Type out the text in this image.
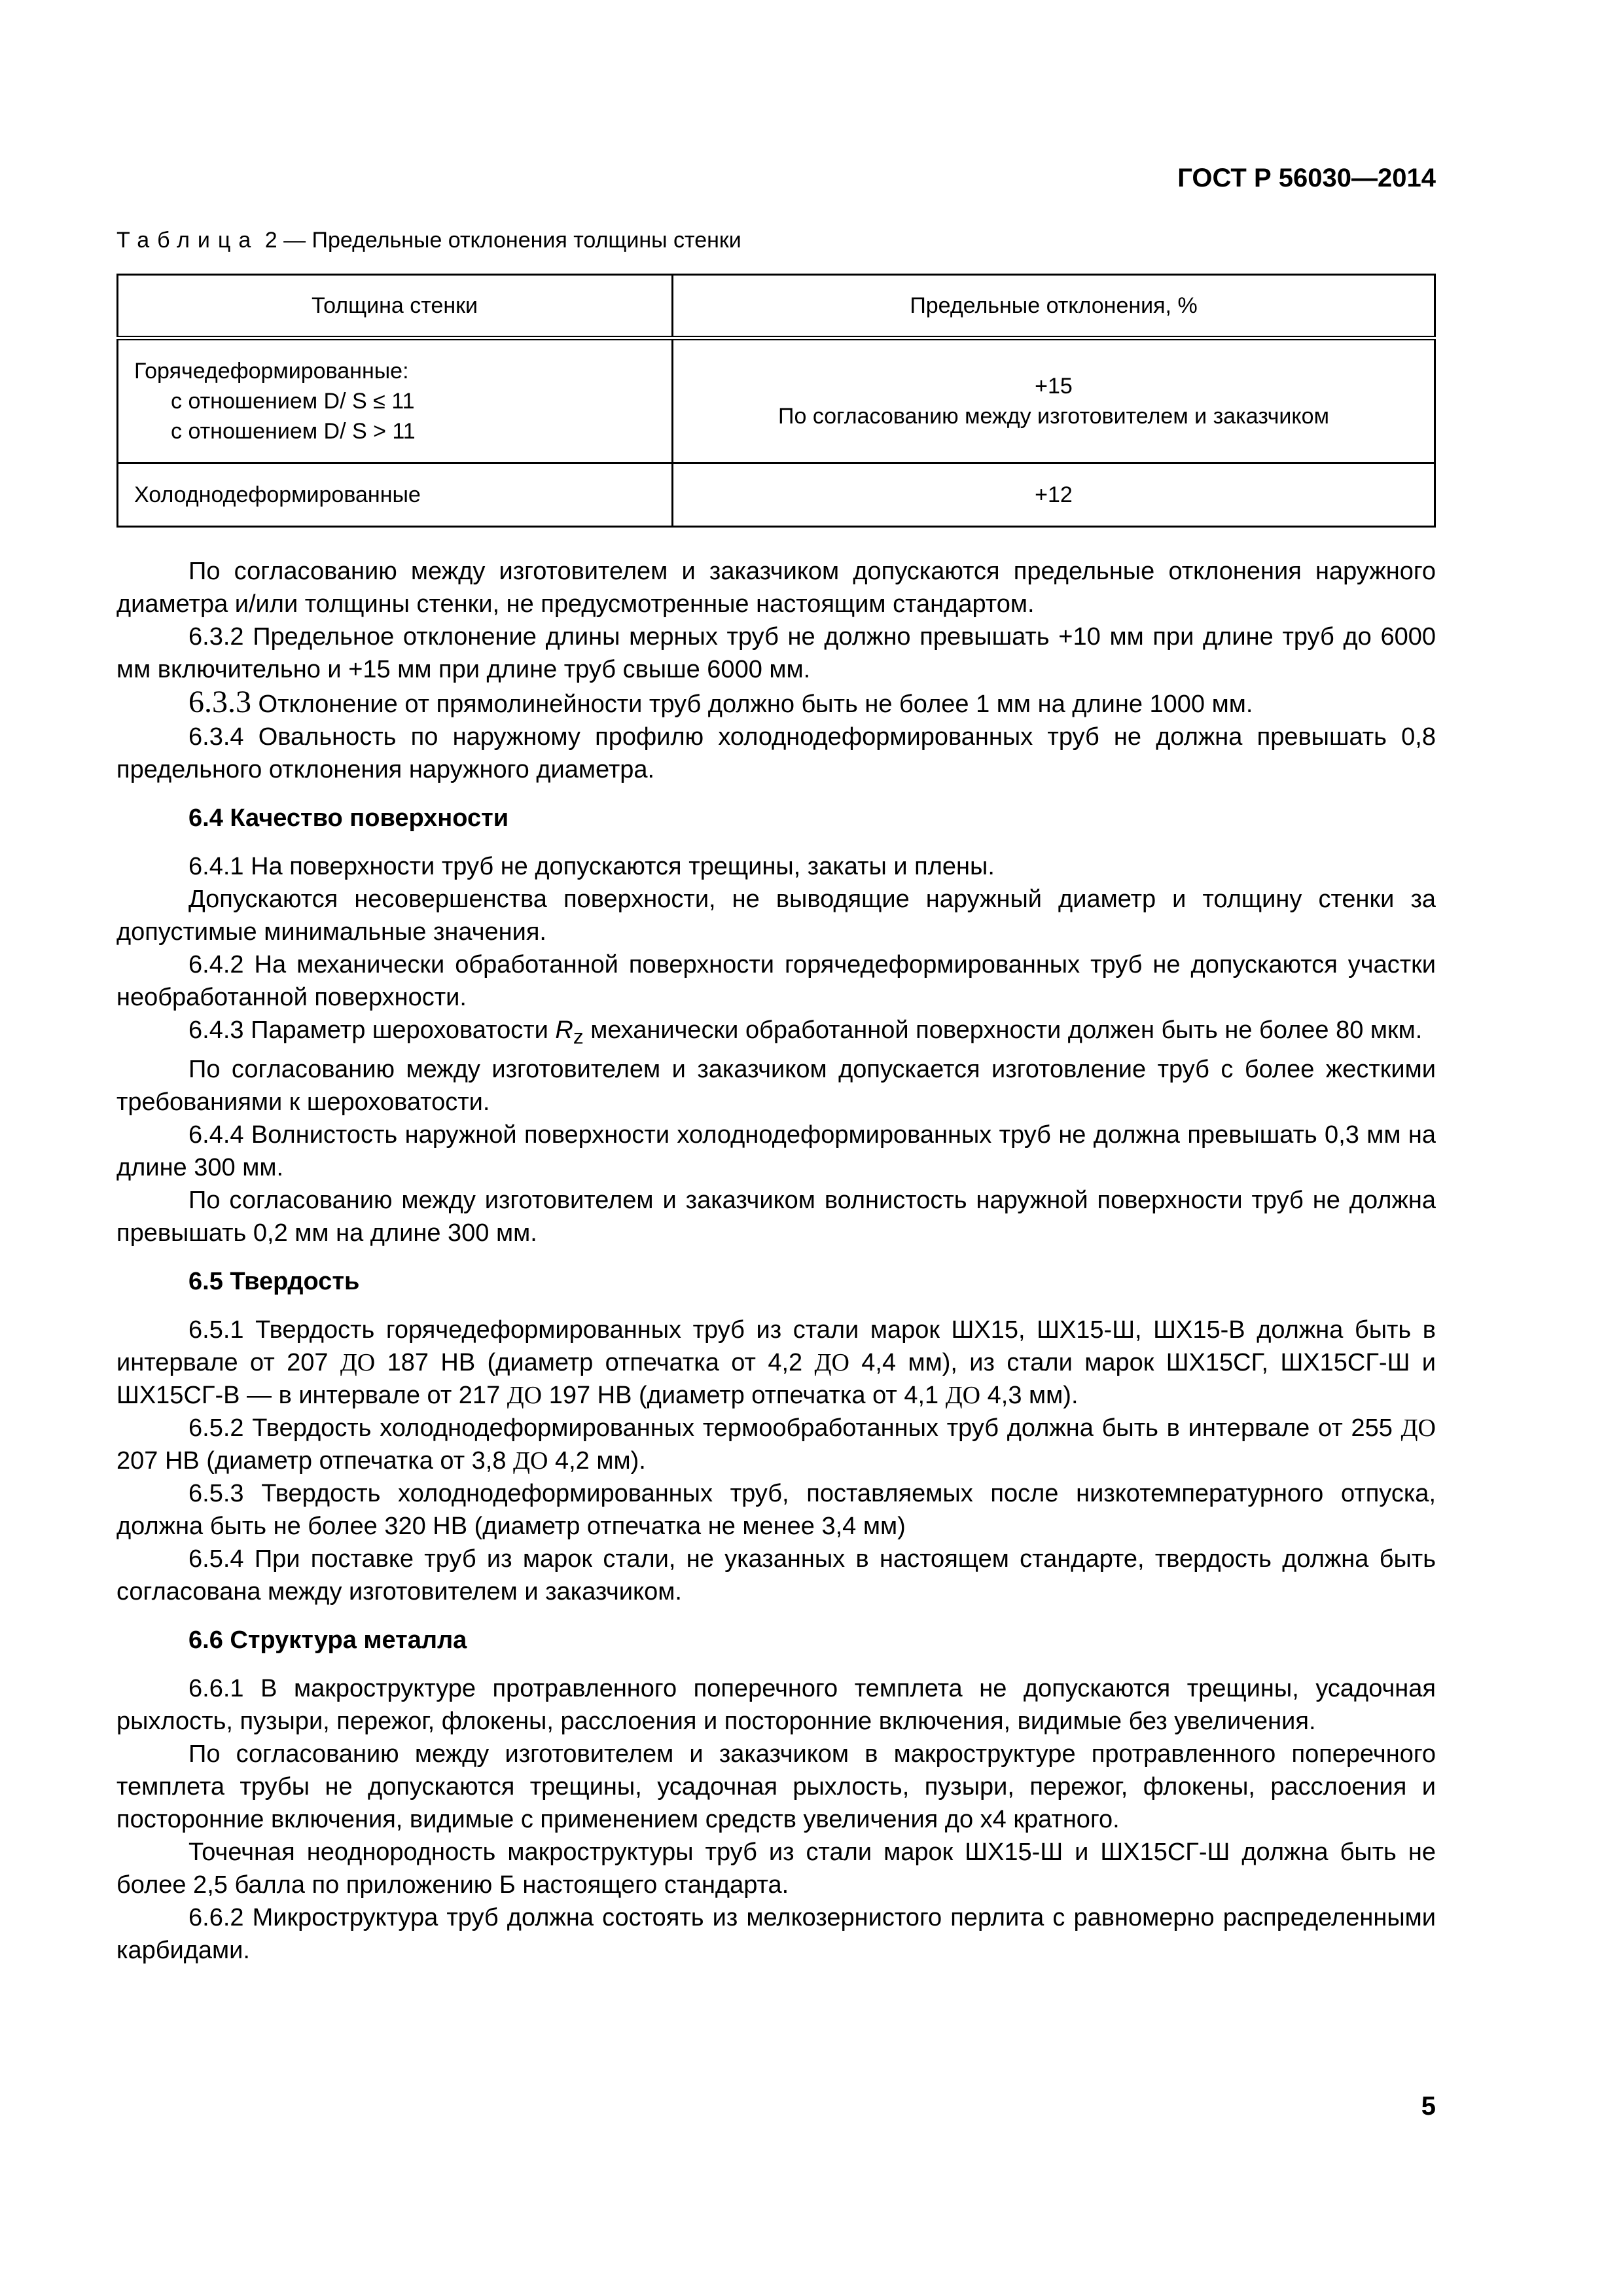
ГОСТ Р 56030—2014
Таблица 2 — Предельные отклонения толщины стенки
Толщина стенки	Предельные отклонения, %

Горячедеформированные:
с отношением D/ S ≤ 11
с отношением D/ S > 11	+15
По согласованию между изготовителем и заказчиком

Холоднодеформированные	+12

По согласованию между изготовителем и заказчиком допускаются предельные отклонения наружного диаметра и/или толщины стенки, не предусмотренные настоящим стандартом.

6.3.2 Предельное отклонение длины мерных труб не должно превышать +10 мм при длине труб до 6000 мм включительно и +15 мм при длине труб свыше 6000 мм.

6.3.3 Отклонение от прямолинейности труб должно быть не более 1 мм на длине 1000 мм.

6.3.4 Овальность по наружному профилю холоднодеформированных труб не должна превышать 0,8 предельного отклонения наружного диаметра.

6.4 Качество поверхности

6.4.1 На поверхности труб не допускаются трещины, закаты и плены.

Допускаются несовершенства поверхности, не выводящие наружный диаметр и толщину стенки за допустимые минимальные значения.

6.4.2 На механически обработанной поверхности горячедеформированных труб не допускаются участки необработанной поверхности.

6.4.3 Параметр шероховатости $R_z$ механически обработанной поверхности должен быть не более 80 мкм.

По согласованию между изготовителем и заказчиком допускается изготовление труб с более жесткими требованиями к шероховатости.

6.4.4 Волнистость наружной поверхности холоднодеформированных труб не должна превышать 0,3 мм на длине 300 мм.

По согласованию между изготовителем и заказчиком волнистость наружной поверхности труб не должна превышать 0,2 мм на длине 300 мм.

6.5 Твердость

6.5.1 Твердость горячедеформированных труб из стали марок ШХ15, ШХ15-Ш, ШХ15-В должна быть в интервале от 207 ДО 187 НВ (диаметр отпечатка от 4,2 ДО 4,4 мм), из стали марок ШХ15СГ, ШХ15СГ-Ш и ШХ15СГ-В — в интервале от 217 ДО 197 НВ (диаметр отпечатка от 4,1 ДО 4,3 мм).

6.5.2 Твердость холоднодеформированных термообработанных труб должна быть в интервале от 255 ДО 207 НВ (диаметр отпечатка от 3,8 ДО 4,2 мм).

6.5.3 Твердость холоднодеформированных труб, поставляемых после низкотемпературного отпуска, должна быть не более 320 НВ (диаметр отпечатка не менее 3,4 мм)

6.5.4 При поставке труб из марок стали, не указанных в настоящем стандарте, твердость должна быть согласована между изготовителем и заказчиком.

6.6 Структура металла

6.6.1 В макроструктуре протравленного поперечного темплета не допускаются трещины, усадочная рыхлость, пузыри, пережог, флокены, расслоения и посторонние включения, видимые без увеличения.

По согласованию между изготовителем и заказчиком в макроструктуре протравленного поперечного темплета трубы не допускаются трещины, усадочная рыхлость, пузыри, пережог, флокены, расслоения и посторонние включения, видимые с применением средств увеличения до х4 кратного.

Точечная неоднородность макроструктуры труб из стали марок ШХ15-Ш и ШХ15СГ-Ш должна быть не более 2,5 балла по приложению Б настоящего стандарта.

6.6.2 Микроструктура труб должна состоять из мелкозернистого перлита с равномерно распределенными карбидами.

5
